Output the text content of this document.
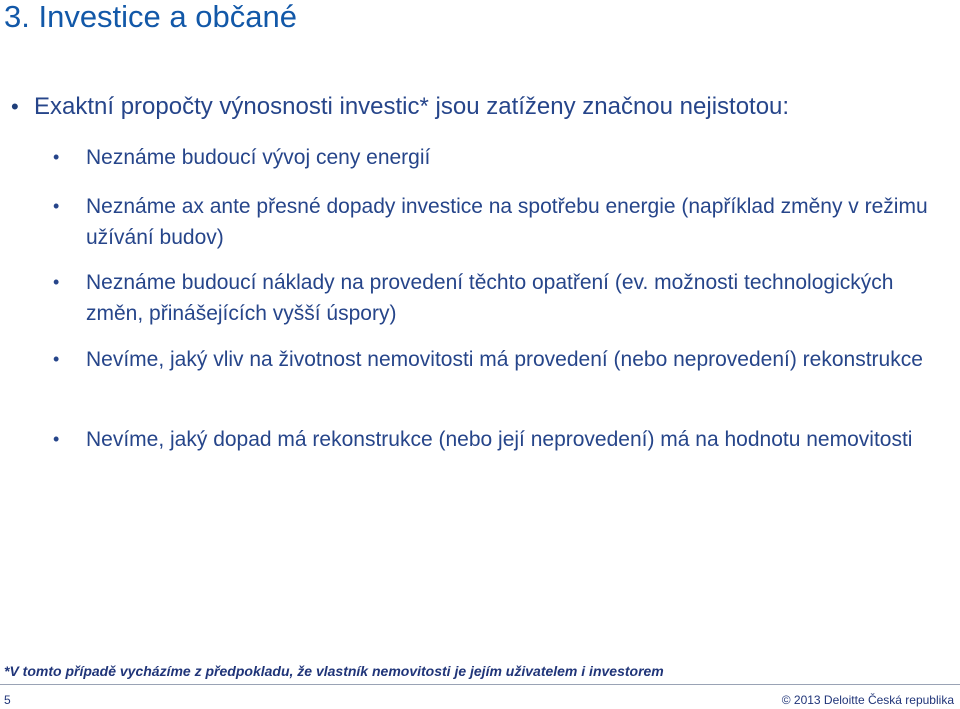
3. Investice a občané
• Exaktní propočty výnosnosti investic* jsou zatíženy značnou nejistotou:
• Neznáme budoucí vývoj ceny energií
• Neznáme ax ante přesné dopady investice na spotřebu energie (například změny v režimu užívání budov)
• Neznáme budoucí náklady na provedení těchto opatření (ev. možnosti technologických změn, přinášejících vyšší úspory)
• Nevíme, jaký vliv na životnost nemovitosti má provedení (nebo neprovedení) rekonstrukce
• Nevíme, jaký dopad má rekonstrukce (nebo její neprovedení) má na hodnotu nemovitosti
*V tomto případě vycházíme z předpokladu, že vlastník nemovitosti je jejím uživatelem i investorem
5	© 2013 Deloitte Česká republika
